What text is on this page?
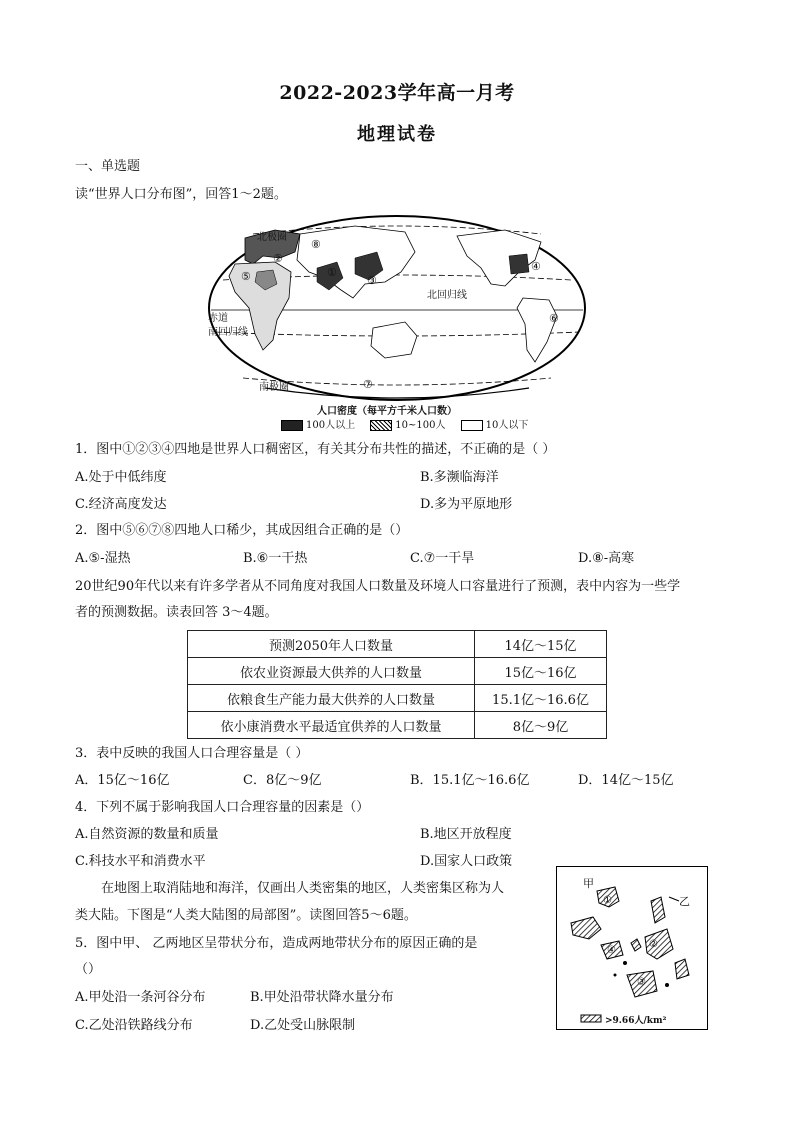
2022-2023学年高一月考
地理试卷
一、单选题
读“世界人口分布图”，回答1～2题。
北极圈
北回归线
赤道
南回归线
南极圈
①
②
③
④
⑤
⑥
⑦
⑧
人口密度（每平方千米人口数）
100人以上	10~100人	10人以下
1．图中①②③④四地是世界人口稠密区，有关其分布共性的描述，不正确的是（ ）
A.处于中低纬度	B.多濒临海洋
C.经济高度发达	D.多为平原地形
2．图中⑤⑥⑦⑧四地人口稀少，其成因组合正确的是（）
A.⑤-湿热	B.⑥一干热	C.⑦一干旱	D.⑧-高寒
20世纪90年代以来有许多学者从不同角度对我国人口数量及环境人口容量进行了预测，表中内容为一些学
者的预测数据。读表回答 3～4题。
预测2050年人口数量	14亿～15亿
依农业资源最大供养的人口数量	15亿～16亿
依粮食生产能力最大供养的人口数量	15.1亿～16.6亿
依小康消费水平最适宜供养的人口数量	8亿～9亿
3．表中反映的我国人口合理容量是（ ）
A．15亿～16亿	C．8亿～9亿	B．15.1亿～16.6亿	D．14亿～15亿
4．下列不属于影响我国人口合理容量的因素是（）
A.自然资源的数量和质量	B.地区开放程度
C.科技水平和消费水平	D.国家人口政策
在地图上取消陆地和海洋，仅画出人类密集的地区，人类密集区称为人
类大陆。下图是“人类大陆图的局部图”。读图回答5～6题。
5．图中甲、 乙两地区呈带状分布，造成两地带状分布的原因正确的是
（）
A.甲处沿一条河谷分布	B.甲处沿带状降水量分布
C.乙处沿铁路线分布	D.乙处受山脉限制
甲
乙
①
②
③
④
>9.66人/km²
